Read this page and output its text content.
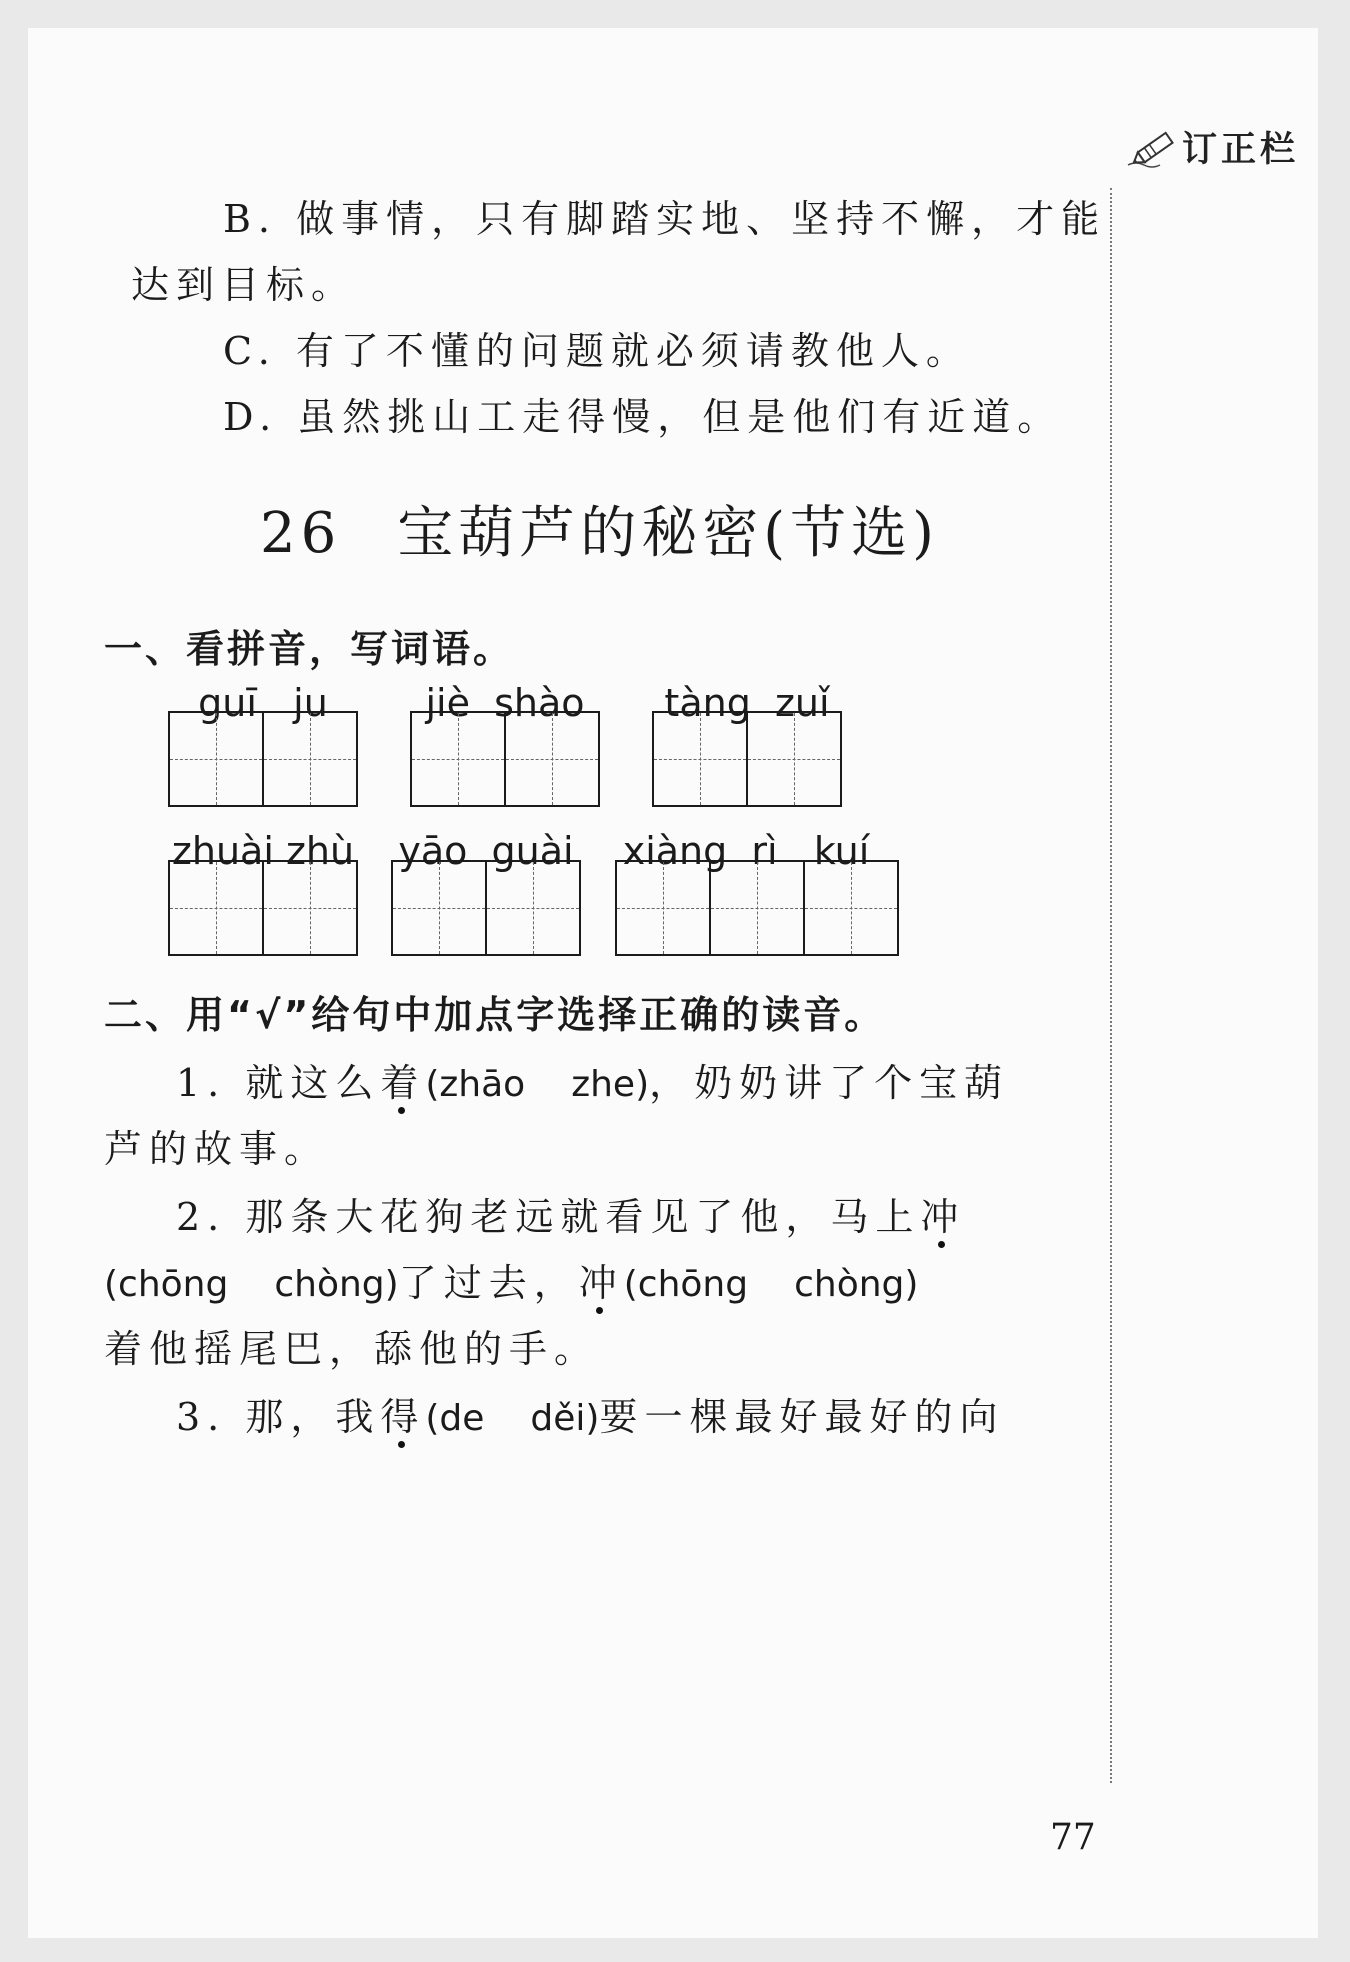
订正栏
B. 做事情，只有脚踏实地、坚持不懈，才能
达到目标。
C. 有了不懂的问题就必须请教他人。
D. 虽然挑山工走得慢，但是他们有近道。
26 宝葫芦的秘密(节选)
一、看拼音，写词语。
guī   ju	jiè  shào	tàng  zuǐ
zhuài zhù	yāo  guài	xiàng  rì   kuí
二、用“√”给句中加点字选择正确的读音。
1. 就这么着(zhāo zhe)，奶奶讲了个宝葫
芦的故事。
2. 那条大花狗老远就看见了他，马上冲
(chōng chòng)了过去，冲(chōng chòng)
着他摇尾巴，舔他的手。
3. 那，我得(de děi)要一棵最好最好的向
77
